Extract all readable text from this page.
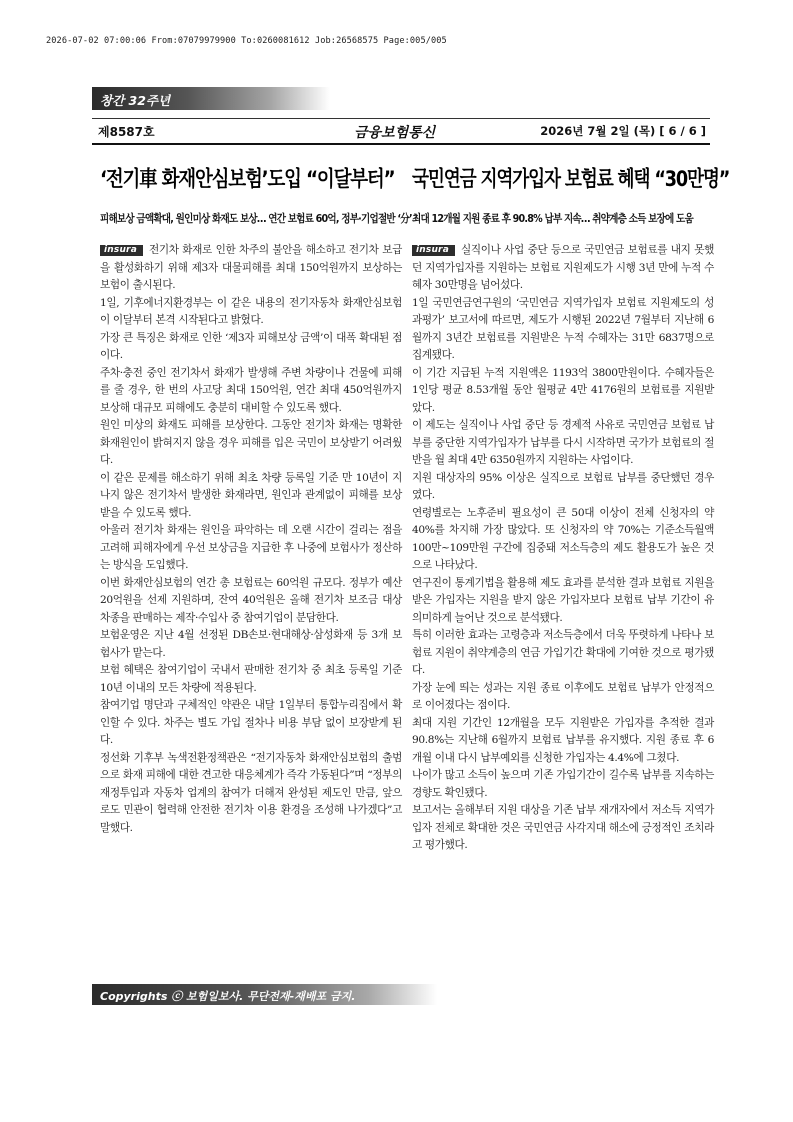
2026-07-02 07:00:06 From:07079979900 To:0260081612 Job:26568575 Page:005/005
창간 32주년
제8587호	금융보험통신	2026년 7월 2일 (목) [ 6 / 6 ]
‘전기車 화재안심보험’도입 “이달부터”
피해보상 금액확대, 원인미상 화재도 보상… 연간 보험료 60억, 정부·기업절반 ‘分’
국민연금 지역가입자 보험료 혜택 “30만명”
최대 12개월 지원 종료 후 90.8% 납부 지속… 취약계층 소득 보장에 도움

insura 전기차 화재로 인한 차주의 불안을 해소하고 전기차 보급을 활성화하기 위해 제3자 대물피해를 최대 150억원까지 보상하는 보험이 출시된다.

1일, 기후에너지환경부는 이 같은 내용의 전기자동차 화재안심보험이 이달부터 본격 시작된다고 밝혔다.

가장 큰 특징은 화재로 인한 ‘제3자 피해보상 금액’이 대폭 확대된 점이다.

주차·충전 중인 전기차서 화재가 발생해 주변 차량이나 건물에 피해를 줄 경우, 한 번의 사고당 최대 150억원, 연간 최대 450억원까지 보상해 대규모 피해에도 충분히 대비할 수 있도록 했다.

원인 미상의 화재도 피해를 보상한다. 그동안 전기차 화재는 명확한 화재원인이 밝혀지지 않을 경우 피해를 입은 국민이 보상받기 어려웠다.

이 같은 문제를 해소하기 위해 최초 차량 등록일 기준 만 10년이 지나지 않은 전기차서 발생한 화재라면, 원인과 관계없이 피해를 보상받을 수 있도록 했다.

아울러 전기차 화재는 원인을 파악하는 데 오랜 시간이 걸리는 점을 고려해 피해자에게 우선 보상금을 지급한 후 나중에 보험사가 정산하는 방식을 도입했다.

이번 화재안심보험의 연간 총 보험료는 60억원 규모다. 정부가 예산 20억원을 선제 지원하며, 잔여 40억원은 올해 전기차 보조금 대상 차종을 판매하는 제작·수입사 중 참여기업이 분담한다.

보험운영은 지난 4월 선정된 DB손보·현대해상·삼성화재 등 3개 보험사가 맡는다.

보험 혜택은 참여기업이 국내서 판매한 전기차 중 최초 등록일 기준 10년 이내의 모든 차량에 적용된다.

참여기업 명단과 구체적인 약관은 내달 1일부터 통합누리집에서 확인할 수 있다. 차주는 별도 가입 절차나 비용 부담 없이 보장받게 된다.

정선화 기후부 녹색전환정책관은 “전기자동차 화재안심보험의 출범으로 화재 피해에 대한 견고한 대응체계가 즉각 가동된다”며 “정부의 재정투입과 자동차 업계의 참여가 더해져 완성된 제도인 만큼, 앞으로도 민관이 협력해 안전한 전기차 이용 환경을 조성해 나가겠다”고 말했다.

insura 실직이나 사업 중단 등으로 국민연금 보험료를 내지 못했던 지역가입자를 지원하는 보험료 지원제도가 시행 3년 만에 누적 수혜자 30만명을 넘어섰다.

1일 국민연금연구원의 ‘국민연금 지역가입자 보험료 지원제도의 성과평가’ 보고서에 따르면, 제도가 시행된 2022년 7월부터 지난해 6월까지 3년간 보험료를 지원받은 누적 수혜자는 31만 6837명으로 집계됐다.

이 기간 지급된 누적 지원액은 1193억 3800만원이다. 수혜자들은 1인당 평균 8.53개월 동안 월평균 4만 4176원의 보험료를 지원받았다.

이 제도는 실직이나 사업 중단 등 경제적 사유로 국민연금 보험료 납부를 중단한 지역가입자가 납부를 다시 시작하면 국가가 보험료의 절반을 월 최대 4만 6350원까지 지원하는 사업이다.

지원 대상자의 95% 이상은 실직으로 보험료 납부를 중단했던 경우였다.

연령별로는 노후준비 필요성이 큰 50대 이상이 전체 신청자의 약 40%를 차지해 가장 많았다. 또 신청자의 약 70%는 기준소득월액 100만~109만원 구간에 집중돼 저소득층의 제도 활용도가 높은 것으로 나타났다.

연구진이 통계기법을 활용해 제도 효과를 분석한 결과 보험료 지원을 받은 가입자는 지원을 받지 않은 가입자보다 보험료 납부 기간이 유의미하게 늘어난 것으로 분석됐다.

특히 이러한 효과는 고령층과 저소득층에서 더욱 뚜렷하게 나타나 보험료 지원이 취약계층의 연금 가입기간 확대에 기여한 것으로 평가됐다.

가장 눈에 띄는 성과는 지원 종료 이후에도 보험료 납부가 안정적으로 이어졌다는 점이다.

최대 지원 기간인 12개월을 모두 지원받은 가입자를 추적한 결과 90.8%는 지난해 6월까지 보험료 납부를 유지했다. 지원 종료 후 6개월 이내 다시 납부예외를 신청한 가입자는 4.4%에 그쳤다.

나이가 많고 소득이 높으며 기존 가입기간이 길수록 납부를 지속하는 경향도 확인됐다.

보고서는 올해부터 지원 대상을 기존 납부 재개자에서 저소득 지역가입자 전체로 확대한 것은 국민연금 사각지대 해소에 긍정적인 조치라고 평가했다.

Copyrights ⓒ 보험일보사. 무단전재-재배포 금지.
